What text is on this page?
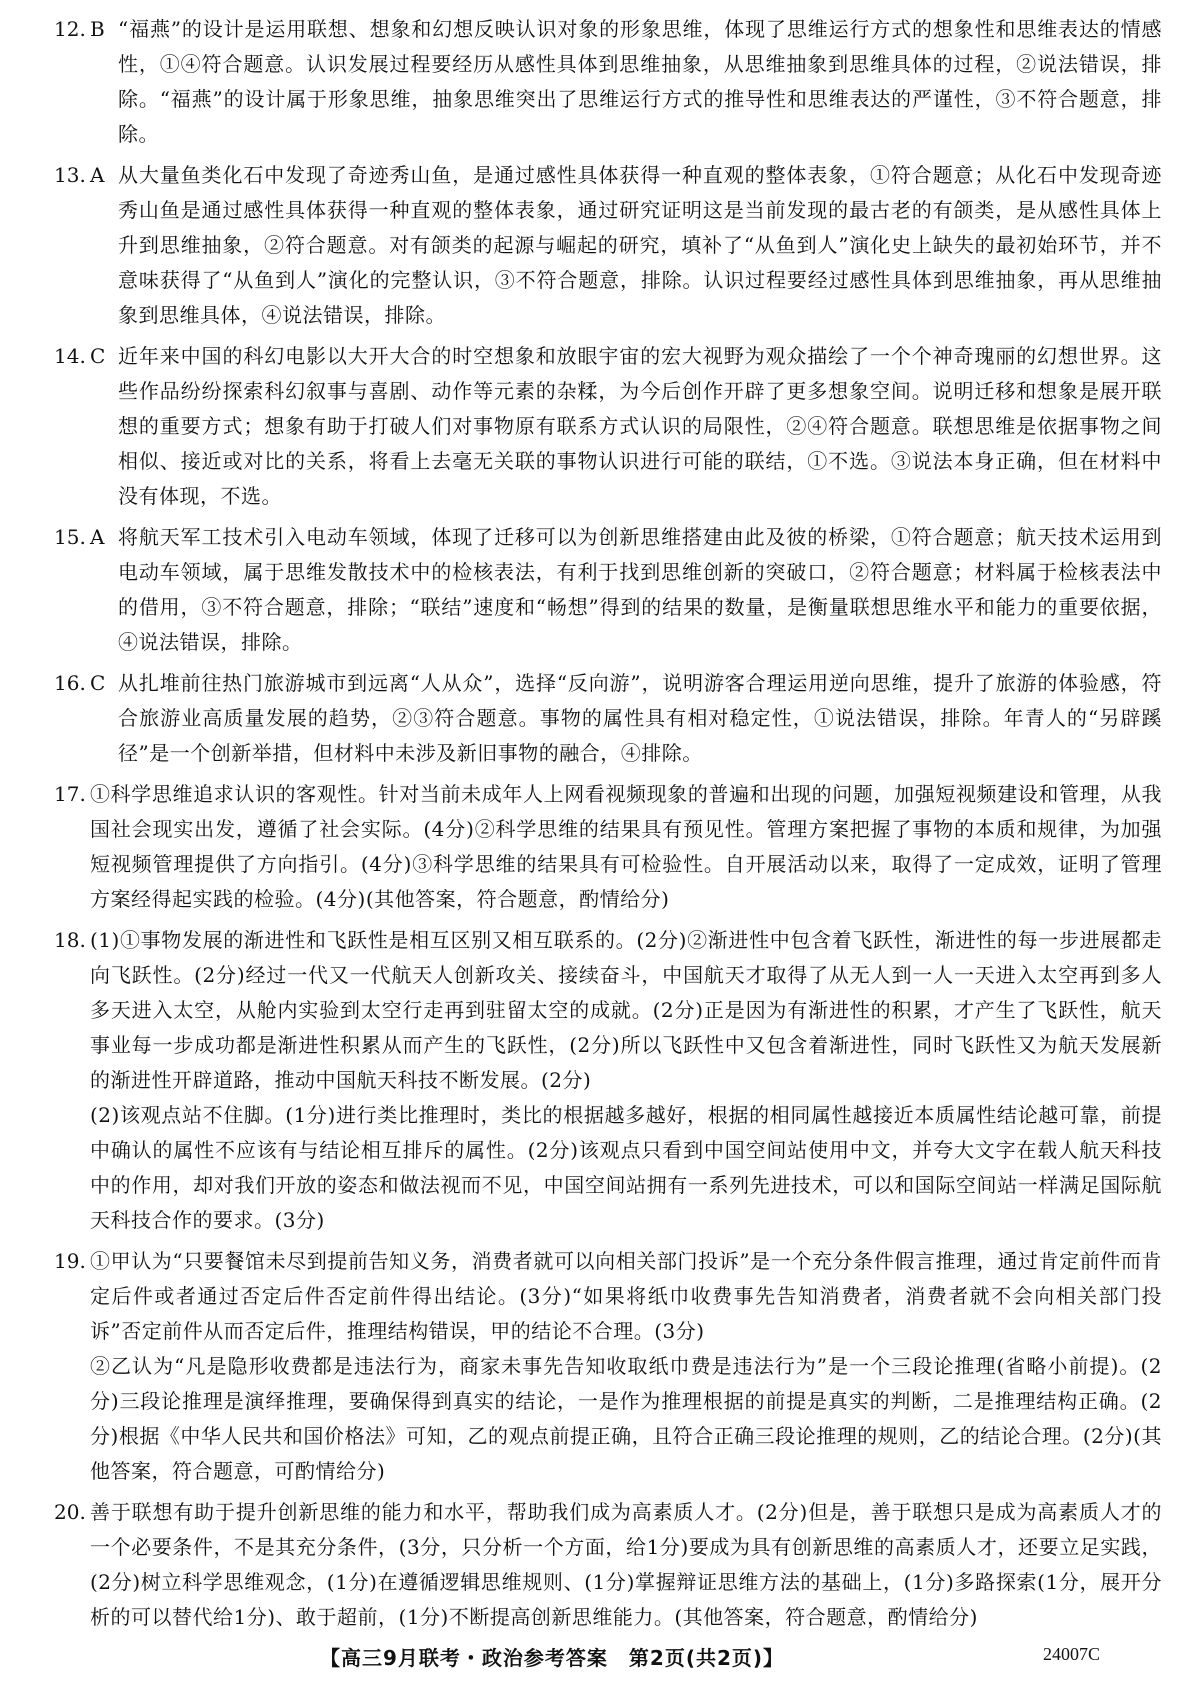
12. B “福燕”的设计是运用联想、想象和幻想反映认识对象的形象思维，体现了思维运行方式的想象性和思维表达的情感性，①④符合题意。认识发展过程要经历从感性具体到思维抽象，从思维抽象到思维具体的过程，②说法错误，排除。“福燕”的设计属于形象思维，抽象思维突出了思维运行方式的推导性和思维表达的严谨性，③不符合题意，排除。

13. A 从大量鱼类化石中发现了奇迹秀山鱼，是通过感性具体获得一种直观的整体表象，①符合题意；从化石中发现奇迹秀山鱼是通过感性具体获得一种直观的整体表象，通过研究证明这是当前发现的最古老的有颌类，是从感性具体上升到思维抽象，②符合题意。对有颌类的起源与崛起的研究，填补了“从鱼到人”演化史上缺失的最初始环节，并不意味获得了“从鱼到人”演化的完整认识，③不符合题意，排除。认识过程要经过感性具体到思维抽象，再从思维抽象到思维具体，④说法错误，排除。

14. C 近年来中国的科幻电影以大开大合的时空想象和放眼宇宙的宏大视野为观众描绘了一个个神奇瑰丽的幻想世界。这些作品纷纷探索科幻叙事与喜剧、动作等元素的杂糅，为今后创作开辟了更多想象空间。说明迁移和想象是展开联想的重要方式；想象有助于打破人们对事物原有联系方式认识的局限性，②④符合题意。联想思维是依据事物之间相似、接近或对比的关系，将看上去毫无关联的事物认识进行可能的联结，①不选。③说法本身正确，但在材料中没有体现，不选。

15. A 将航天军工技术引入电动车领域，体现了迁移可以为创新思维搭建由此及彼的桥梁，①符合题意；航天技术运用到电动车领域，属于思维发散技术中的检核表法，有利于找到思维创新的突破口，②符合题意；材料属于检核表法中的借用，③不符合题意，排除；“联结”速度和“畅想”得到的结果的数量，是衡量联想思维水平和能力的重要依据，④说法错误，排除。

16. C 从扎堆前往热门旅游城市到远离“人从众”，选择“反向游”，说明游客合理运用逆向思维，提升了旅游的体验感，符合旅游业高质量发展的趋势，②③符合题意。事物的属性具有相对稳定性，①说法错误，排除。年青人的“另辟蹊径”是一个创新举措，但材料中未涉及新旧事物的融合，④排除。

17. ①科学思维追求认识的客观性。针对当前未成年人上网看视频现象的普遍和出现的问题，加强短视频建设和管理，从我国社会现实出发，遵循了社会实际。(4分)②科学思维的结果具有预见性。管理方案把握了事物的本质和规律，为加强短视频管理提供了方向指引。(4分)③科学思维的结果具有可检验性。自开展活动以来，取得了一定成效，证明了管理方案经得起实践的检验。(4分)(其他答案，符合题意，酌情给分)

18. (1)①事物发展的渐进性和飞跃性是相互区别又相互联系的。(2分)②渐进性中包含着飞跃性，渐进性的每一步进展都走向飞跃性。(2分)经过一代又一代航天人创新攻关、接续奋斗，中国航天才取得了从无人到一人一天进入太空再到多人多天进入太空，从舱内实验到太空行走再到驻留太空的成就。(2分)正是因为有渐进性的积累，才产生了飞跃性，航天事业每一步成功都是渐进性积累从而产生的飞跃性，(2分)所以飞跃性中又包含着渐进性，同时飞跃性又为航天发展新的渐进性开辟道路，推动中国航天科技不断发展。(2分)

(2)该观点站不住脚。(1分)进行类比推理时，类比的根据越多越好，根据的相同属性越接近本质属性结论越可靠，前提中确认的属性不应该有与结论相互排斥的属性。(2分)该观点只看到中国空间站使用中文，并夸大文字在载人航天科技中的作用，却对我们开放的姿态和做法视而不见，中国空间站拥有一系列先进技术，可以和国际空间站一样满足国际航天科技合作的要求。(3分)

19. ①甲认为“只要餐馆未尽到提前告知义务，消费者就可以向相关部门投诉”是一个充分条件假言推理，通过肯定前件而肯定后件或者通过否定后件否定前件得出结论。(3分)“如果将纸巾收费事先告知消费者，消费者就不会向相关部门投诉”否定前件从而否定后件，推理结构错误，甲的结论不合理。(3分)

②乙认为“凡是隐形收费都是违法行为，商家未事先告知收取纸巾费是违法行为”是一个三段论推理(省略小前提)。(2分)三段论推理是演绎推理，要确保得到真实的结论，一是作为推理根据的前提是真实的判断，二是推理结构正确。(2分)根据《中华人民共和国价格法》可知，乙的观点前提正确，且符合正确三段论推理的规则，乙的结论合理。(2分)(其他答案，符合题意，可酌情给分)

20. 善于联想有助于提升创新思维的能力和水平，帮助我们成为高素质人才。(2分)但是，善于联想只是成为高素质人才的一个必要条件，不是其充分条件，(3分，只分析一个方面，给1分)要成为具有创新思维的高素质人才，还要立足实践，(2分)树立科学思维观念，(1分)在遵循逻辑思维规则、(1分)掌握辩证思维方法的基础上，(1分)多路探索(1分，展开分析的可以替代给1分)、敢于超前，(1分)不断提高创新思维能力。(其他答案，符合题意，酌情给分)

【高三9月联考・政治参考答案　第2页(共2页)】	24007C
